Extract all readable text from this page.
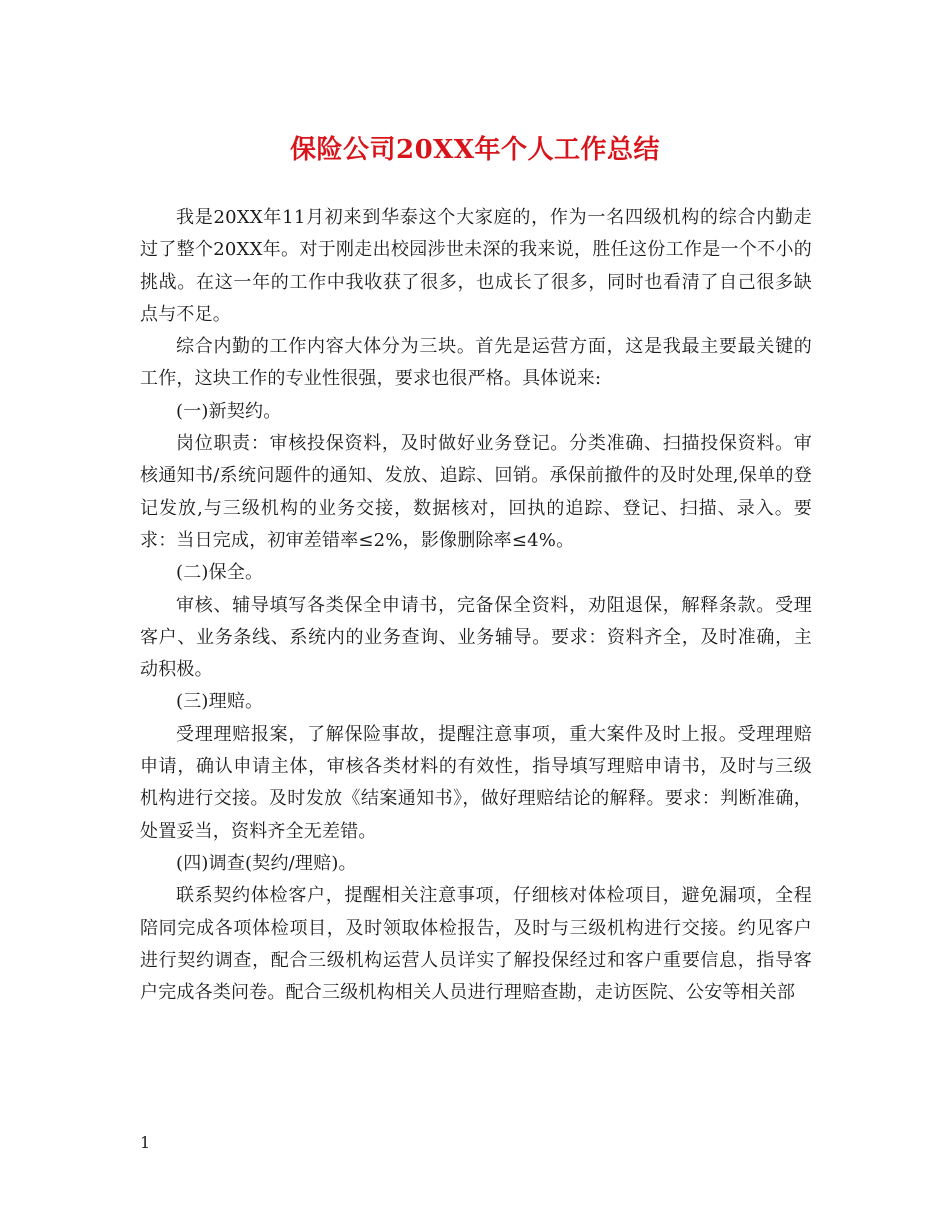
保险公司20XX年个人工作总结

我是20XX年11月初来到华泰这个大家庭的，作为一名四级机构的综合内勤走过了整个20XX年。对于刚走出校园涉世未深的我来说，胜任这份工作是一个不小的挑战。在这一年的工作中我收获了很多，也成长了很多，同时也看清了自己很多缺点与不足。

综合内勤的工作内容大体分为三块。首先是运营方面，这是我最主要最关键的工作，这块工作的专业性很强，要求也很严格。具体说来:

(一)新契约。

岗位职责：审核投保资料，及时做好业务登记。分类准确、扫描投保资料。审核通知书/系统问题件的通知、发放、追踪、回销。承保前撤件的及时处理,保单的登记发放,与三级机构的业务交接，数据核对，回执的追踪、登记、扫描、录入。要求：当日完成，初审差错率≤2%，影像删除率≤4%。

(二)保全。

审核、辅导填写各类保全申请书，完备保全资料，劝阻退保，解释条款。受理客户、业务条线、系统内的业务查询、业务辅导。要求：资料齐全，及时准确，主动积极。

(三)理赔。

受理理赔报案，了解保险事故，提醒注意事项，重大案件及时上报。受理理赔申请，确认申请主体，审核各类材料的有效性，指导填写理赔申请书，及时与三级机构进行交接。及时发放《结案通知书》，做好理赔结论的解释。要求：判断准确，处置妥当，资料齐全无差错。

(四)调查(契约/理赔)。

联系契约体检客户，提醒相关注意事项，仔细核对体检项目，避免漏项，全程陪同完成各项体检项目，及时领取体检报告，及时与三级机构进行交接。约见客户进行契约调查，配合三级机构运营人员详实了解投保经过和客户重要信息，指导客户完成各类问卷。配合三级机构相关人员进行理赔查勘，走访医院、公安等相关部

1
